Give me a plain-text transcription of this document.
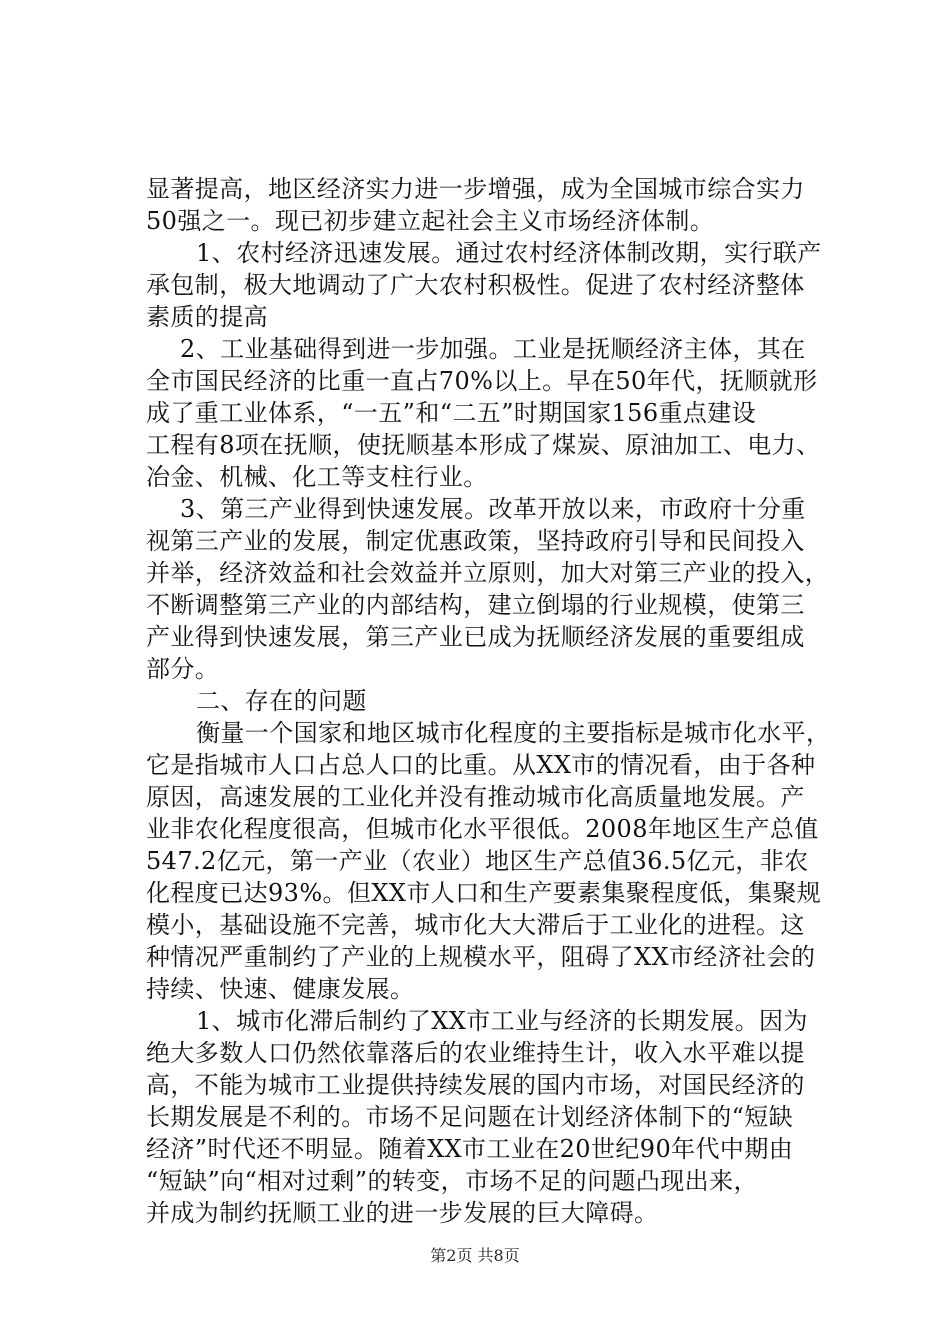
显著提高，地区经济实力进一步增强，成为全国城市综合实力
50强之一。现已初步建立起社会主义市场经济体制。
1、农村经济迅速发展。通过农村经济体制改期，实行联产
承包制，极大地调动了广大农村积极性。促进了农村经济整体
素质的提高
2、工业基础得到进一步加强。工业是抚顺经济主体，其在
全市国民经济的比重一直占70%以上。早在50年代，抚顺就形
成了重工业体系，“一五”和“二五”时期国家156重点建设
工程有8项在抚顺，使抚顺基本形成了煤炭、原油加工、电力、
冶金、机械、化工等支柱行业。
3、第三产业得到快速发展。改革开放以来，市政府十分重
视第三产业的发展，制定优惠政策，坚持政府引导和民间投入
并举，经济效益和社会效益并立原则，加大对第三产业的投入，
不断调整第三产业的内部结构，建立倒塌的行业规模，使第三
产业得到快速发展，第三产业已成为抚顺经济发展的重要组成
部分。
二、存在的问题
衡量一个国家和地区城市化程度的主要指标是城市化水平，
它是指城市人口占总人口的比重。从XX市的情况看，由于各种
原因，高速发展的工业化并没有推动城市化高质量地发展。产
业非农化程度很高，但城市化水平很低。2008年地区生产总值
547.2亿元，第一产业（农业）地区生产总值36.5亿元，非农
化程度已达93%。但XX市人口和生产要素集聚程度低，集聚规
模小，基础设施不完善，城市化大大滞后于工业化的进程。这
种情况严重制约了产业的上规模水平，阻碍了XX市经济社会的
持续、快速、健康发展。
1、城市化滞后制约了XX市工业与经济的长期发展。因为
绝大多数人口仍然依靠落后的农业维持生计，收入水平难以提
高，不能为城市工业提供持续发展的国内市场，对国民经济的
长期发展是不利的。市场不足问题在计划经济体制下的“短缺
经济”时代还不明显。随着XX市工业在20世纪90年代中期由
“短缺”向“相对过剩”的转变，市场不足的问题凸现出来，
并成为制约抚顺工业的进一步发展的巨大障碍。
第2页 共8页
